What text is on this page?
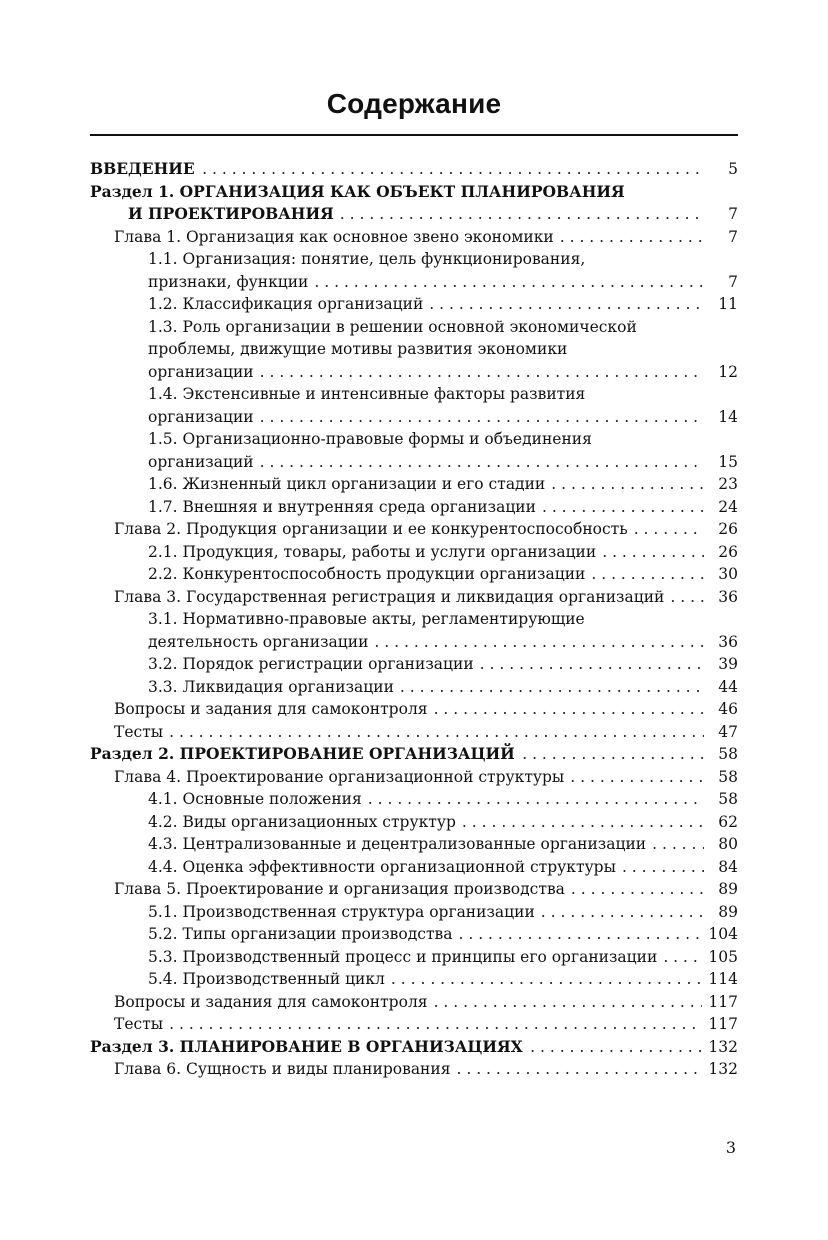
Содержание
ВВЕДЕНИЕ . . .	5
Раздел 1. ОРГАНИЗАЦИЯ КАК ОБЪЕКТ ПЛАНИРОВАНИЯ
И ПРОЕКТИРОВАНИЯ . . .	7
Глава 1. Организация как основное звено экономики . . .	7
1.1. Организация: понятие, цель функционирования,
признаки, функции . . .	7
1.2. Классификация организаций . . .	11
1.3. Роль организации в решении основной экономической
проблемы, движущие мотивы развития экономики
организации . . .	12
1.4. Экстенсивные и интенсивные факторы развития
организации . . .	14
1.5. Организационно-правовые формы и объединения
организаций . . .	15
1.6. Жизненный цикл организации и его стадии . . .	23
1.7. Внешняя и внутренняя среда организации . . .	24
Глава 2. Продукция организации и ее конкурентоспособность . . .	26
2.1. Продукция, товары, работы и услуги организации . . .	26
2.2. Конкурентоспособность продукции организации . . .	30
Глава 3. Государственная регистрация и ликвидация организаций . . .	36
3.1. Нормативно-правовые акты, регламентирующие
деятельность организации . . .	36
3.2. Порядок регистрации организации . . .	39
3.3. Ликвидация организации . . .	44
Вопросы и задания для самоконтроля . . .	46
Тесты . . .	47
Раздел 2. ПРОЕКТИРОВАНИЕ ОРГАНИЗАЦИЙ . . .	58
Глава 4. Проектирование организационной структуры . . .	58
4.1. Основные положения . . .	58
4.2. Виды организационных структур . . .	62
4.3. Централизованные и децентрализованные организации . . .	80
4.4. Оценка эффективности организационной структуры . . .	84
Глава 5. Проектирование и организация производства . . .	89
5.1. Производственная структура организации . . .	89
5.2. Типы организации производства . . .	104
5.3. Производственный процесс и принципы его организации . . .	105
5.4. Производственный цикл . . .	114
Вопросы и задания для самоконтроля . . .	117
Тесты . . .	117
Раздел 3. ПЛАНИРОВАНИЕ В ОРГАНИЗАЦИЯХ . . .	132
Глава 6. Сущность и виды планирования . . .	132
3
